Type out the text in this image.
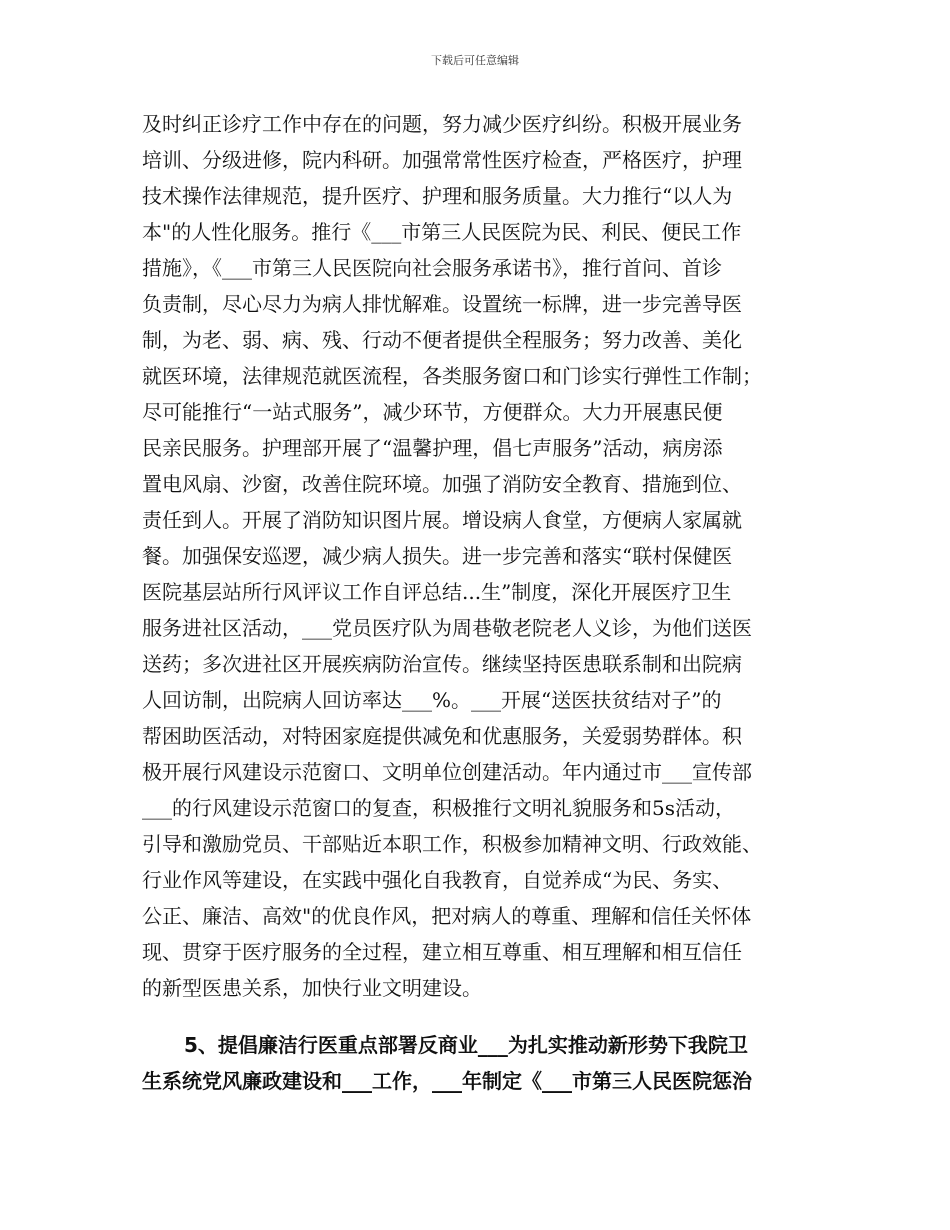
下载后可任意编辑
及时纠正诊疗工作中存在的问题，努力减少医疗纠纷。积极开展业务
培训、分级进修，院内科研。加强常常性医疗检查，严格医疗，护理
技术操作法律规范，提升医疗、护理和服务质量。大力推行“以人为
本"的人性化服务。推行《___市第三人民医院为民、利民、便民工作
措施》，《___市第三人民医院向社会服务承诺书》，推行首问、首诊
负责制，尽心尽力为病人排忧解难。设置统一标牌，进一步完善导医
制，为老、弱、病、残、行动不便者提供全程服务；努力改善、美化
就医环境，法律规范就医流程，各类服务窗口和门诊实行弹性工作制；
尽可能推行“一站式服务”，减少环节，方便群众。大力开展惠民便
民亲民服务。护理部开展了“温馨护理，倡七声服务”活动，病房添
置电风扇、沙窗，改善住院环境。加强了消防安全教育、措施到位、
责任到人。开展了消防知识图片展。增设病人食堂，方便病人家属就
餐。加强保安巡逻，减少病人损失。进一步完善和落实“联村保健医
医院基层站所行风评议工作自评总结...生”制度，深化开展医疗卫生
服务进社区活动，___党员医疗队为周巷敬老院老人义诊，为他们送医
送药；多次进社区开展疾病防治宣传。继续坚持医患联系制和出院病
人回访制，出院病人回访率达___%。___开展“送医扶贫结对子”的
帮困助医活动，对特困家庭提供减免和优惠服务，关爱弱势群体。积
极开展行风建设示范窗口、文明单位创建活动。年内通过市___宣传部
___的行风建设示范窗口的复查，积极推行文明礼貌服务和5s活动，
引导和激励党员、干部贴近本职工作，积极参加精神文明、行政效能、
行业作风等建设，在实践中强化自我教育，自觉养成“为民、务实、
公正、廉洁、高效"的优良作风，把对病人的尊重、理解和信任关怀体
现、贯穿于医疗服务的全过程，建立相互尊重、相互理解和相互信任
的新型医患关系，加快行业文明建设。
5、提倡廉洁行医重点部署反商业___为扎实推动新形势下我院卫
生系统党风廉政建设和___工作，___年制定《___市第三人民医院惩治
